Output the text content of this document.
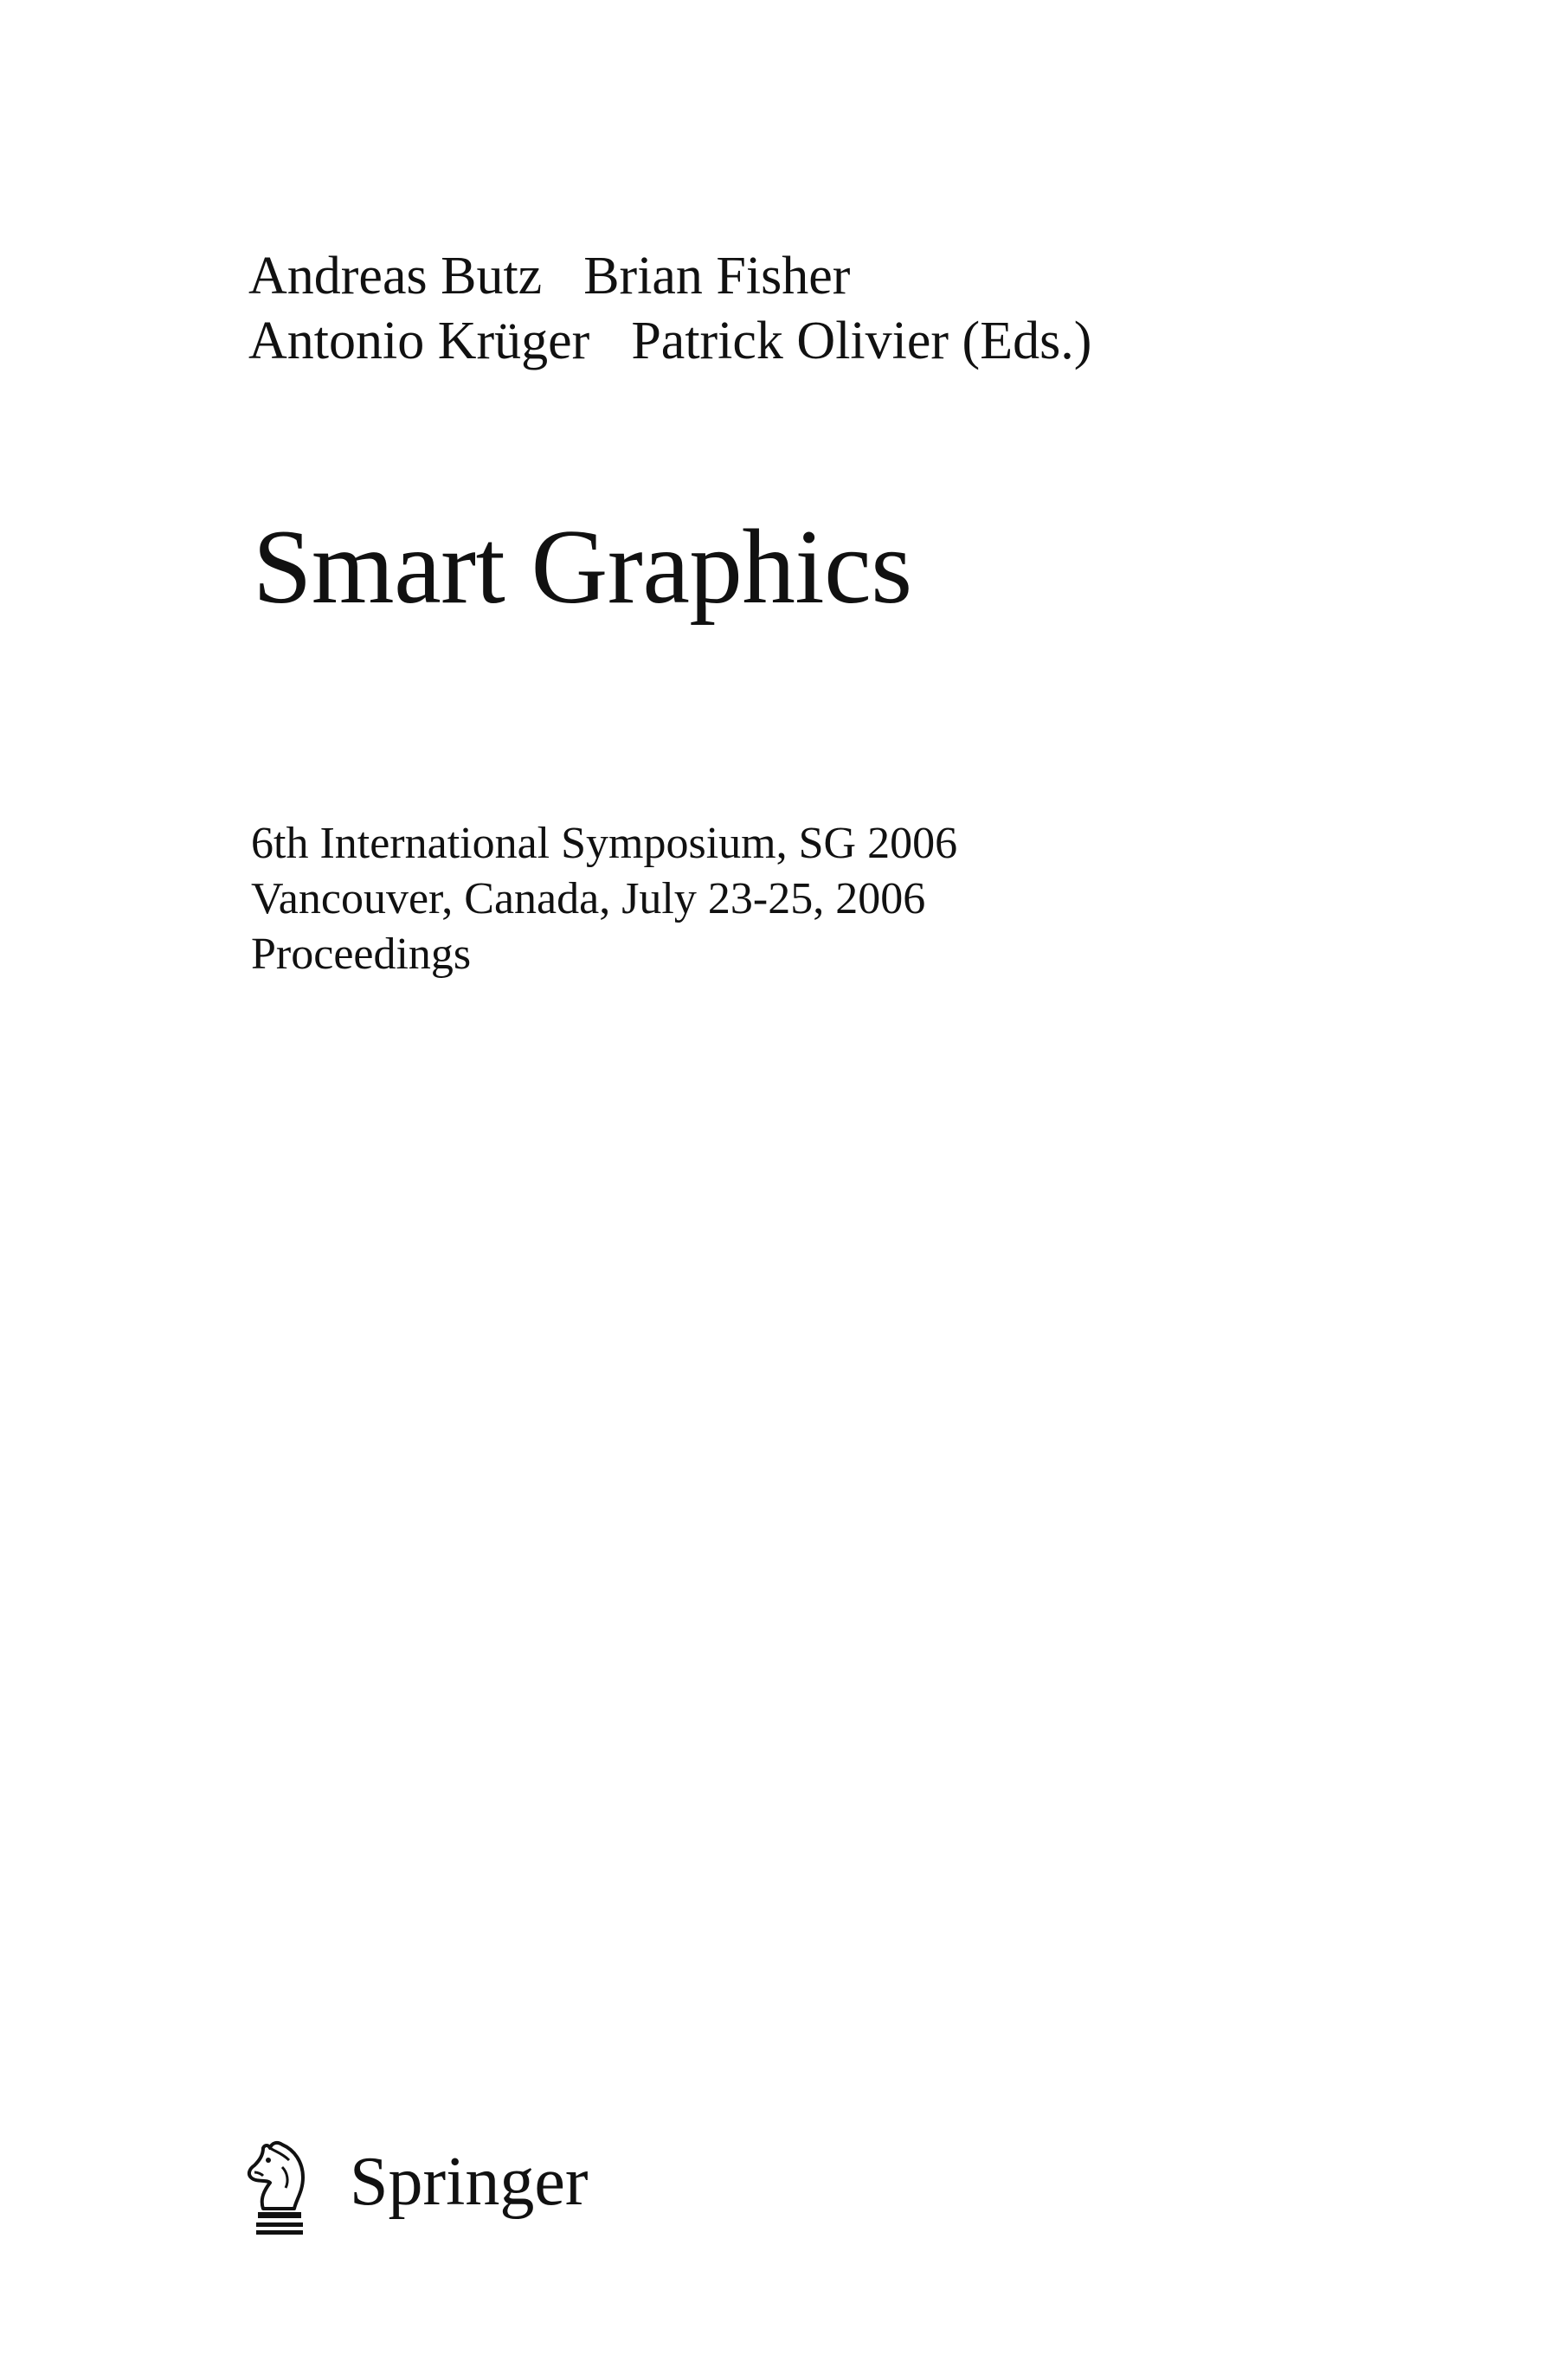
Andreas Butz Brian Fisher
Antonio Krüger Patrick Olivier (Eds.)
Smart Graphics
6th International Symposium, SG 2006
Vancouver, Canada, July 23-25, 2006
Proceedings
Springer
